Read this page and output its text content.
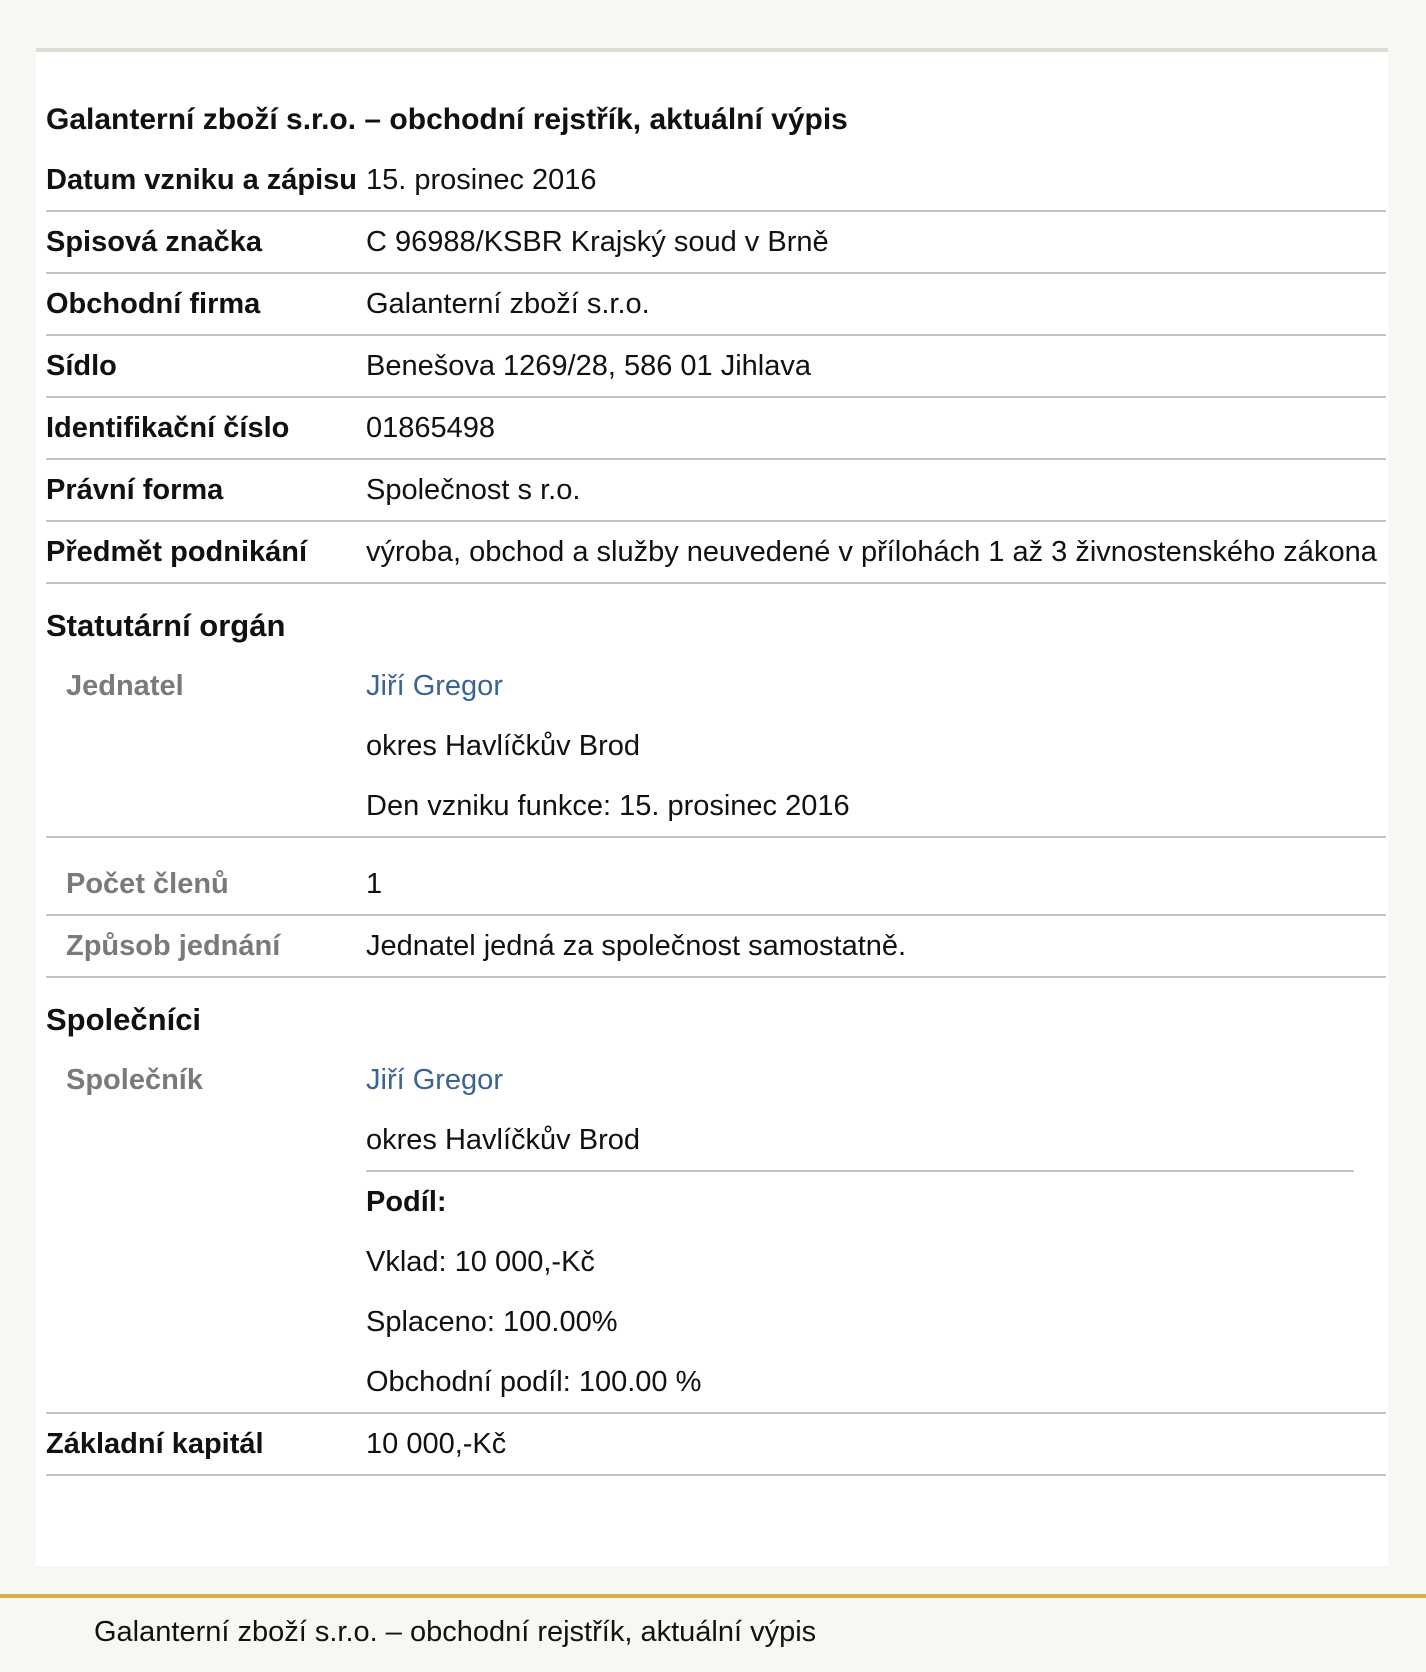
Galanterní zboží s.r.o. – obchodní rejstřík, aktuální výpis
Datum vzniku a zápisu 15. prosinec 2016
Spisová značka	C 96988/KSBR Krajský soud v Brně
Obchodní firma	Galanterní zboží s.r.o.
Sídlo	Benešova 1269/28, 586 01 Jihlava
Identifikační číslo	01865498
Právní forma	Společnost s r.o.
Předmět podnikání	výroba, obchod a služby neuvedené v přílohách 1 až 3 živnostenského zákona
Statutární orgán
Jednatel	Jiří Gregor
okres Havlíčkův Brod
Den vzniku funkce: 15. prosinec 2016
Počet členů	1
Způsob jednání	Jednatel jedná za společnost samostatně.
Společníci
Společník	Jiří Gregor
okres Havlíčkův Brod
Podíl:
Vklad: 10 000,-Kč
Splaceno: 100.00%
Obchodní podíl: 100.00 %
Základní kapitál	10 000,-Kč
Galanterní zboží s.r.o. – obchodní rejstřík, aktuální výpis
